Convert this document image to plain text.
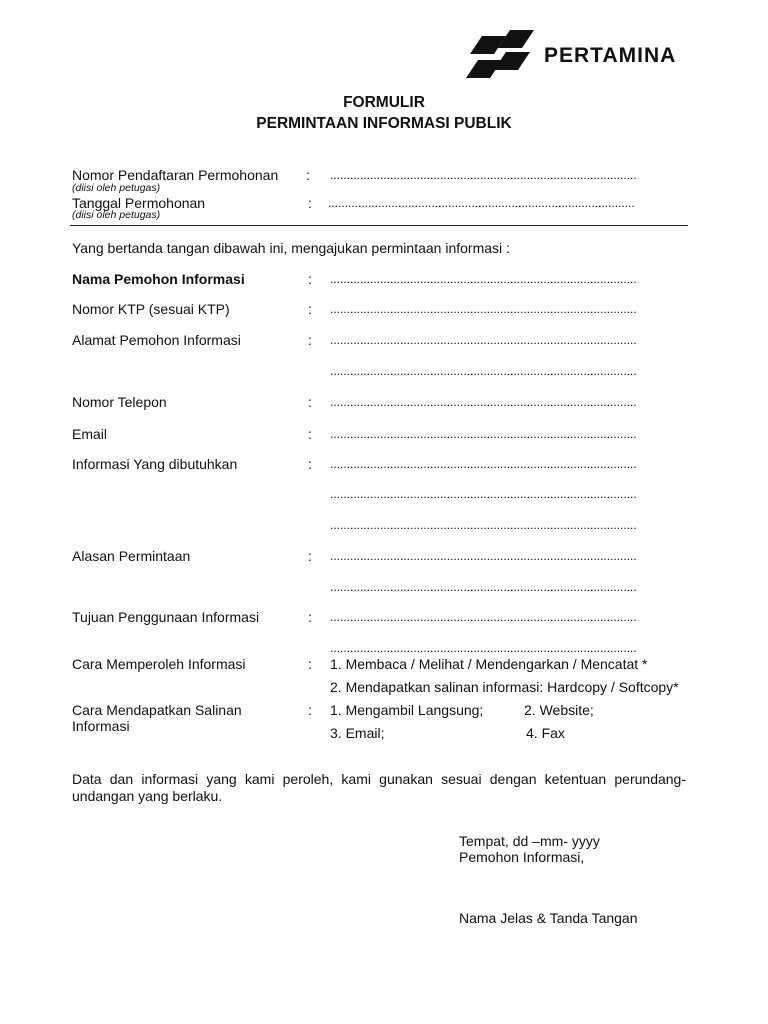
PERTAMINA
FORMULIR
PERMINTAAN INFORMASI PUBLIK
Nomor Pendaftaran Permohonan : ............................................................................................
(diisi oleh petugas)
Tanggal Permohonan	: ............................................................................................
(diisi oleh petugas)
Yang bertanda tangan dibawah ini, mengajukan permintaan informasi :
Nama Pemohon Informasi	: ............................................................................................
Nomor KTP (sesuai KTP)	: ............................................................................................
Alamat Pemohon Informasi	: ............................................................................................
............................................................................................
Nomor Telepon	: ............................................................................................
Email	: ............................................................................................
Informasi Yang dibutuhkan	: ............................................................................................
............................................................................................
............................................................................................
Alasan Permintaan	: ............................................................................................
............................................................................................
Tujuan Penggunaan Informasi	: ............................................................................................
............................................................................................
Cara Memperoleh Informasi	: 1. Membaca / Melihat / Mendengarkan / Mencatat *
2. Mendapatkan salinan informasi: Hardcopy / Softcopy*
Cara Mendapatkan Salinan
Informasi
: 1. Mengambil Langsung;	2. Website;
3. Email;	4. Fax
Data dan informasi yang kami peroleh, kami gunakan sesuai dengan ketentuan perundang-undangan yang berlaku.
Tempat, dd –mm- yyyy
Pemohon Informasi,
Nama Jelas & Tanda Tangan
